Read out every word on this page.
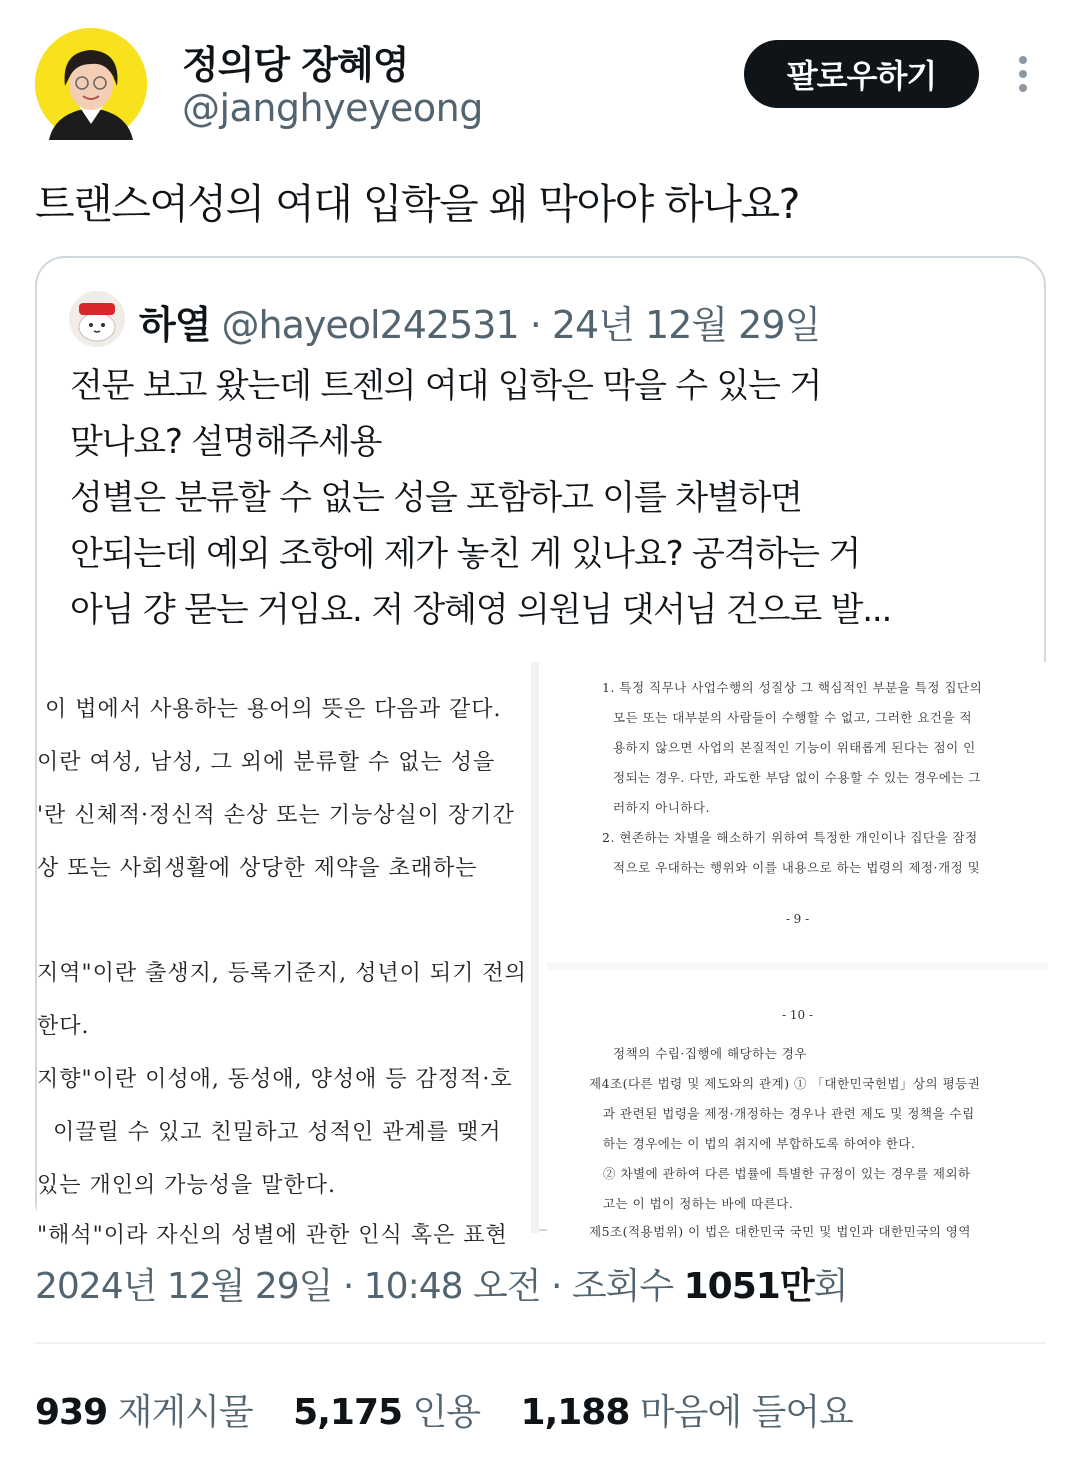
정의당 장혜영
@janghyeyeong
팔로우하기
트랜스여성의 여대 입학을 왜 막아야 하나요?
하열 @hayeol242531 · 24년 12월 29일
전문 보고 왔는데 트젠의 여대 입학은 막을 수 있는 거
맞나요? 설명해주세용
성별은 분류할 수 없는 성을 포함하고 이를 차별하면
안되는데 예외 조항에 제가 놓친 게 있나요? 공격하는 거
아님 걍 묻는 거임요. 저 장혜영 의원님 댓서님 건으로 발...
이 법에서 사용하는 용어의 뜻은 다음과 같다.
이란 여성, 남성, 그 외에 분류할 수 없는 성을
'란 신체적·정신적 손상 또는 기능상실이 장기간
상 또는 사회생활에 상당한 제약을 초래하는
지역"이란 출생지, 등록기준지, 성년이 되기 전의
한다.
지향"이란 이성애, 동성애, 양성애 등 감정적·호
이끌릴 수 있고 친밀하고 성적인 관계를 맺거
있는 개인의 가능성을 말한다.
"해석"이라 자신의 성별에 관한 인식 혹은 표현
1. 특정 직무나 사업수행의 성질상 그 핵심적인 부분을 특정 집단의
모든 또는 대부분의 사람들이 수행할 수 없고, 그러한 요건을 적
용하지 않으면 사업의 본질적인 기능이 위태롭게 된다는 점이 인
정되는 경우. 다만, 과도한 부담 없이 수용할 수 있는 경우에는 그
러하지 아니하다.
2. 현존하는 차별을 해소하기 위하여 특정한 개인이나 집단을 잠정
적으로 우대하는 행위와 이를 내용으로 하는 법령의 제정·개정 및
- 9 -
- 10 -
정책의 수립·집행에 해당하는 경우
제4조(다른 법령 및 제도와의 관계) ① 「대한민국헌법」상의 평등권
과 관련된 법령을 제정·개정하는 경우나 관련 제도 및 정책을 수립
하는 경우에는 이 법의 취지에 부합하도록 하여야 한다.
② 차별에 관하여 다른 법률에 특별한 규정이 있는 경우를 제외하
고는 이 법이 정하는 바에 따른다.
제5조(적용범위) 이 법은 대한민국 국민 및 법인과 대한민국의 영역
2024년 12월 29일 · 10:48 오전 · 조회수 1051만회
939 재게시물 5,175 인용 1,188 마음에 들어요
